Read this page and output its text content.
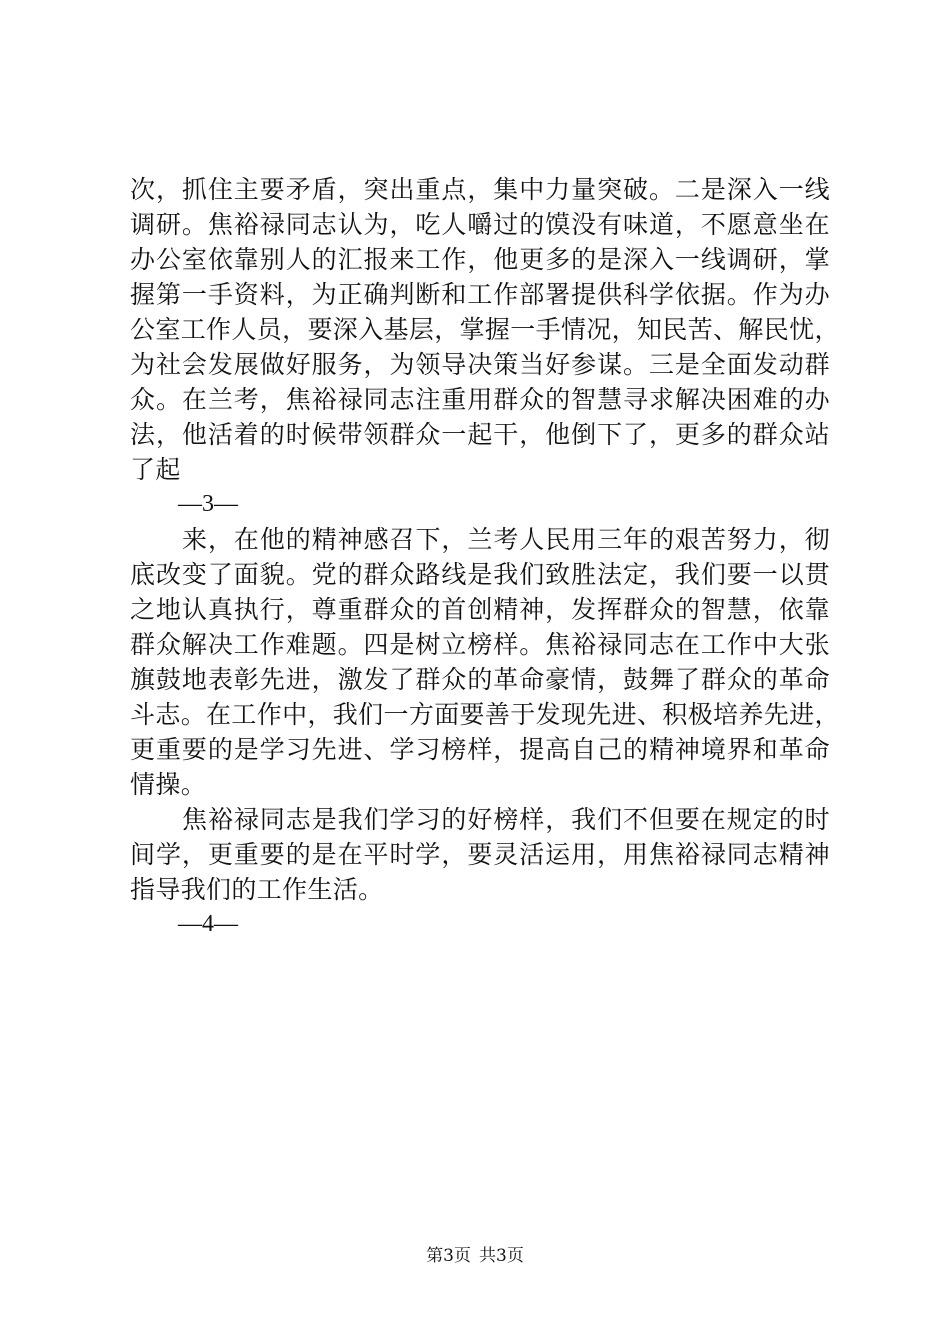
次，抓住主要矛盾，突出重点，集中力量突破。二是深入一线
调研。焦裕禄同志认为，吃人嚼过的馍没有味道，不愿意坐在
办公室依靠别人的汇报来工作，他更多的是深入一线调研，掌
握第一手资料，为正确判断和工作部署提供科学依据。作为办
公室工作人员，要深入基层，掌握一手情况，知民苦、解民忧，
为社会发展做好服务，为领导决策当好参谋。三是全面发动群
众。在兰考，焦裕禄同志注重用群众的智慧寻求解决困难的办
法，他活着的时候带领群众一起干，他倒下了，更多的群众站
了起
—3—
来，在他的精神感召下，兰考人民用三年的艰苦努力，彻
底改变了面貌。党的群众路线是我们致胜法定，我们要一以贯
之地认真执行，尊重群众的首创精神，发挥群众的智慧，依靠
群众解决工作难题。四是树立榜样。焦裕禄同志在工作中大张
旗鼓地表彰先进，激发了群众的革命豪情，鼓舞了群众的革命
斗志。在工作中，我们一方面要善于发现先进、积极培养先进，
更重要的是学习先进、学习榜样，提高自己的精神境界和革命
情操。
焦裕禄同志是我们学习的好榜样，我们不但要在规定的时
间学，更重要的是在平时学，要灵活运用，用焦裕禄同志精神
指导我们的工作生活。
—4—
第3页 共3页
